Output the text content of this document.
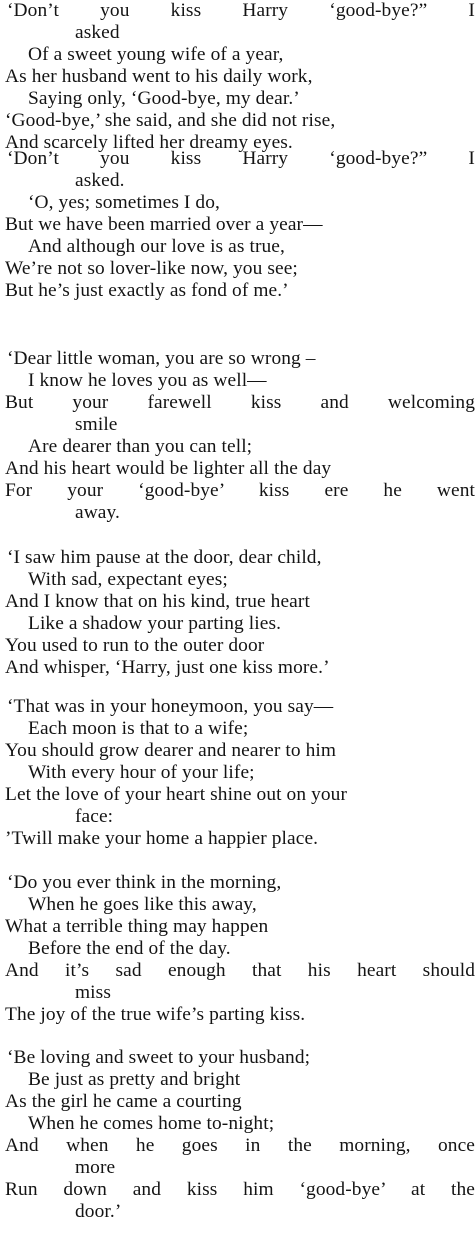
‘Don’t you kiss Harry ‘good-bye?” I
asked
Of a sweet young wife of a year,
As her husband went to his daily work,
Saying only, ‘Good-bye, my dear.’
‘Good-bye,’ she said, and she did not rise,
And scarcely lifted her dreamy eyes.
‘Don’t you kiss Harry ‘good-bye?” I
asked.
‘O, yes; sometimes I do,
But we have been married over a year—
And although our love is as true,
We’re not so lover-like now, you see;
But he’s just exactly as fond of me.’
‘Dear little woman, you are so wrong –
I know he loves you as well—
But your farewell kiss and welcoming
smile
Are dearer than you can tell;
And his heart would be lighter all the day
For your ‘good-bye’ kiss ere he went
away.
‘I saw him pause at the door, dear child,
With sad, expectant eyes;
And I know that on his kind, true heart
Like a shadow your parting lies.
You used to run to the outer door
And whisper, ‘Harry, just one kiss more.’
‘That was in your honeymoon, you say—
Each moon is that to a wife;
You should grow dearer and nearer to him
With every hour of your life;
Let the love of your heart shine out on your
face:
’Twill make your home a happier place.
‘Do you ever think in the morning,
When he goes like this away,
What a terrible thing may happen
Before the end of the day.
And it’s sad enough that his heart should
miss
The joy of the true wife’s parting kiss.
‘Be loving and sweet to your husband;
Be just as pretty and bright
As the girl he came a courting
When he comes home to-night;
And when he goes in the morning, once
more
Run down and kiss him ‘good-bye’ at the
door.’
